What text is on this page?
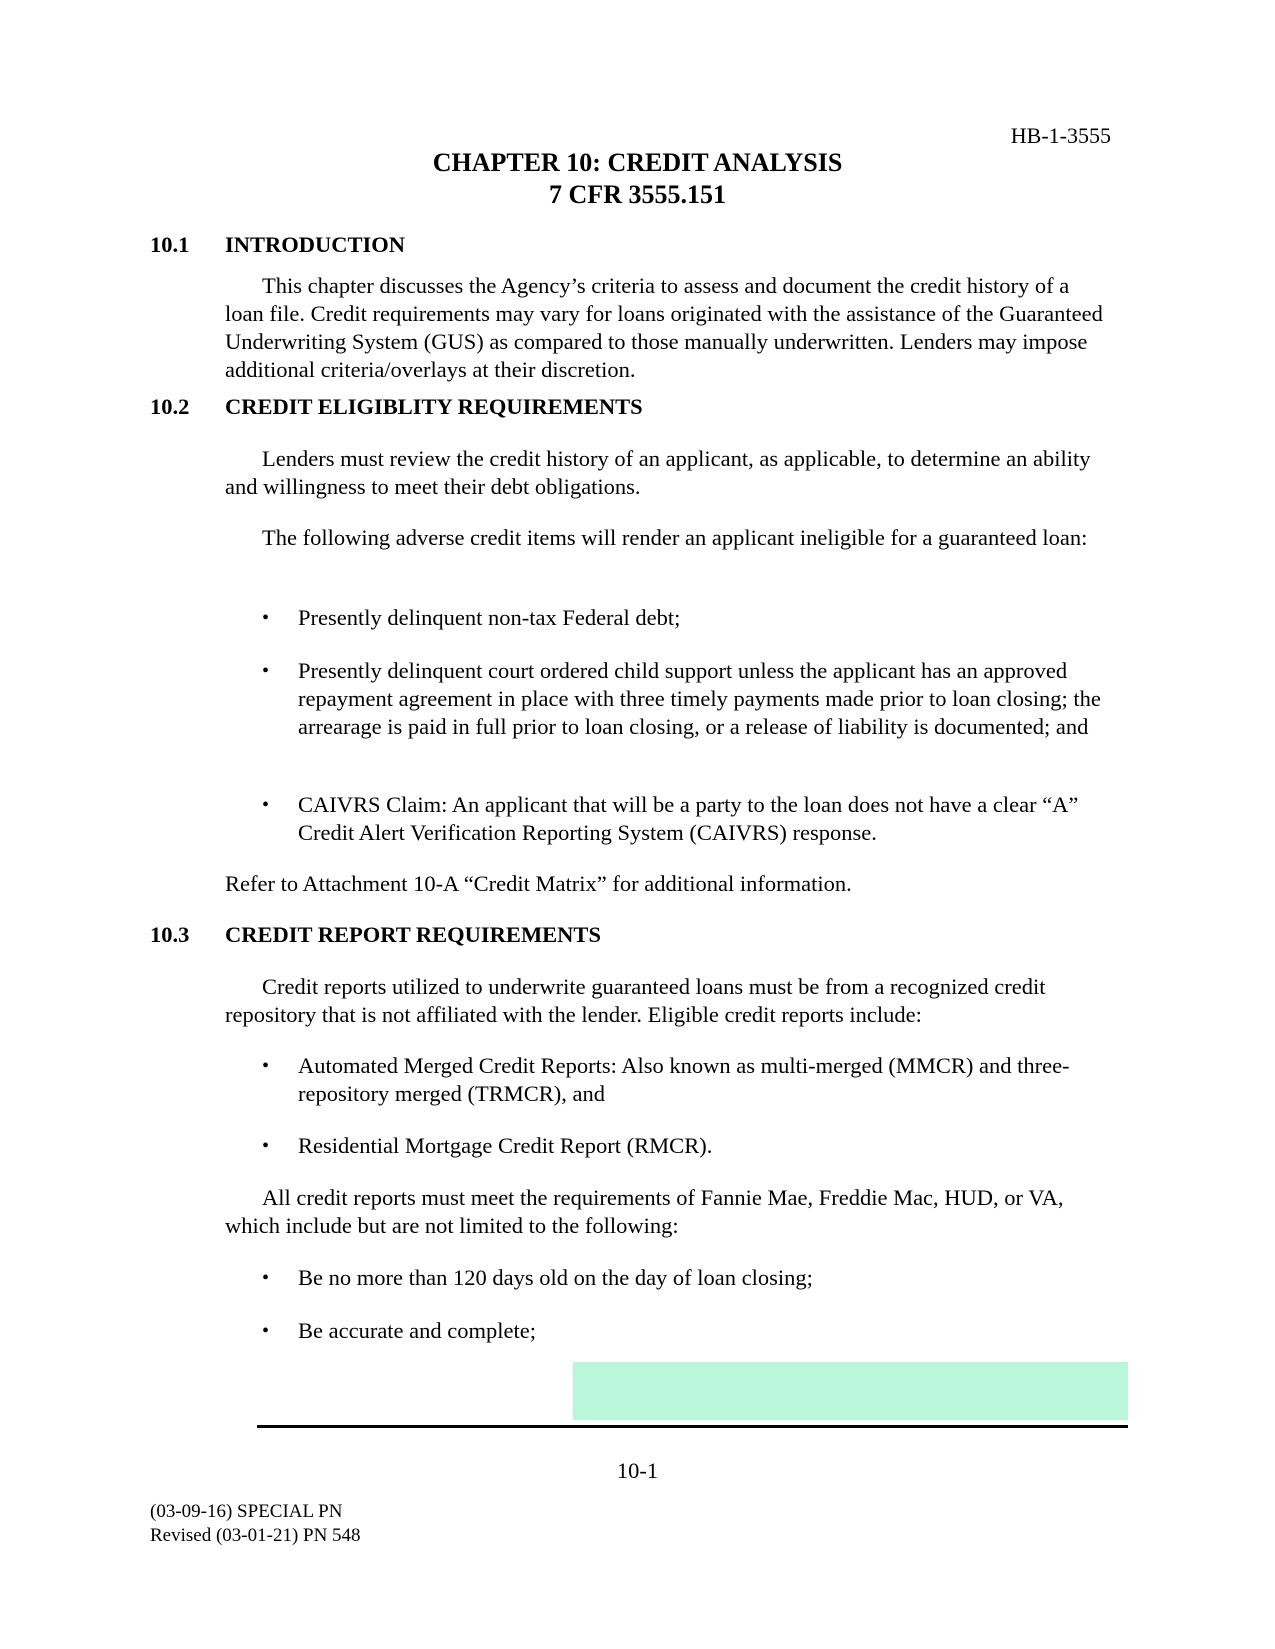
HB-1-3555
CHAPTER 10: CREDIT ANALYSIS
7 CFR 3555.151
10.1 INTRODUCTION

This chapter discusses the Agency’s criteria to assess and document the credit history of a loan file. Credit requirements may vary for loans originated with the assistance of the Guaranteed Underwriting System (GUS) as compared to those manually underwritten. Lenders may impose additional criteria/overlays at their discretion.

10.2 CREDIT ELIGIBLITY REQUIREMENTS

Lenders must review the credit history of an applicant, as applicable, to determine an ability and willingness to meet their debt obligations.

The following adverse credit items will render an applicant ineligible for a guaranteed loan:

• Presently delinquent non-tax Federal debt;
• Presently delinquent court ordered child support unless the applicant has an approved repayment agreement in place with three timely payments made prior to loan closing; the arrearage is paid in full prior to loan closing, or a release of liability is documented; and
• CAIVRS Claim: An applicant that will be a party to the loan does not have a clear “A” Credit Alert Verification Reporting System (CAIVRS) response.

Refer to Attachment 10-A “Credit Matrix” for additional information.

10.3 CREDIT REPORT REQUIREMENTS

Credit reports utilized to underwrite guaranteed loans must be from a recognized credit repository that is not affiliated with the lender. Eligible credit reports include:

• Automated Merged Credit Reports: Also known as multi-merged (MMCR) and three-repository merged (TRMCR), and
• Residential Mortgage Credit Report (RMCR).

All credit reports must meet the requirements of Fannie Mae, Freddie Mac, HUD, or VA, which include but are not limited to the following:

• Be no more than 120 days old on the day of loan closing;
• Be accurate and complete;
10-1
(03-09-16) SPECIAL PN
Revised (03-01-21) PN 548
